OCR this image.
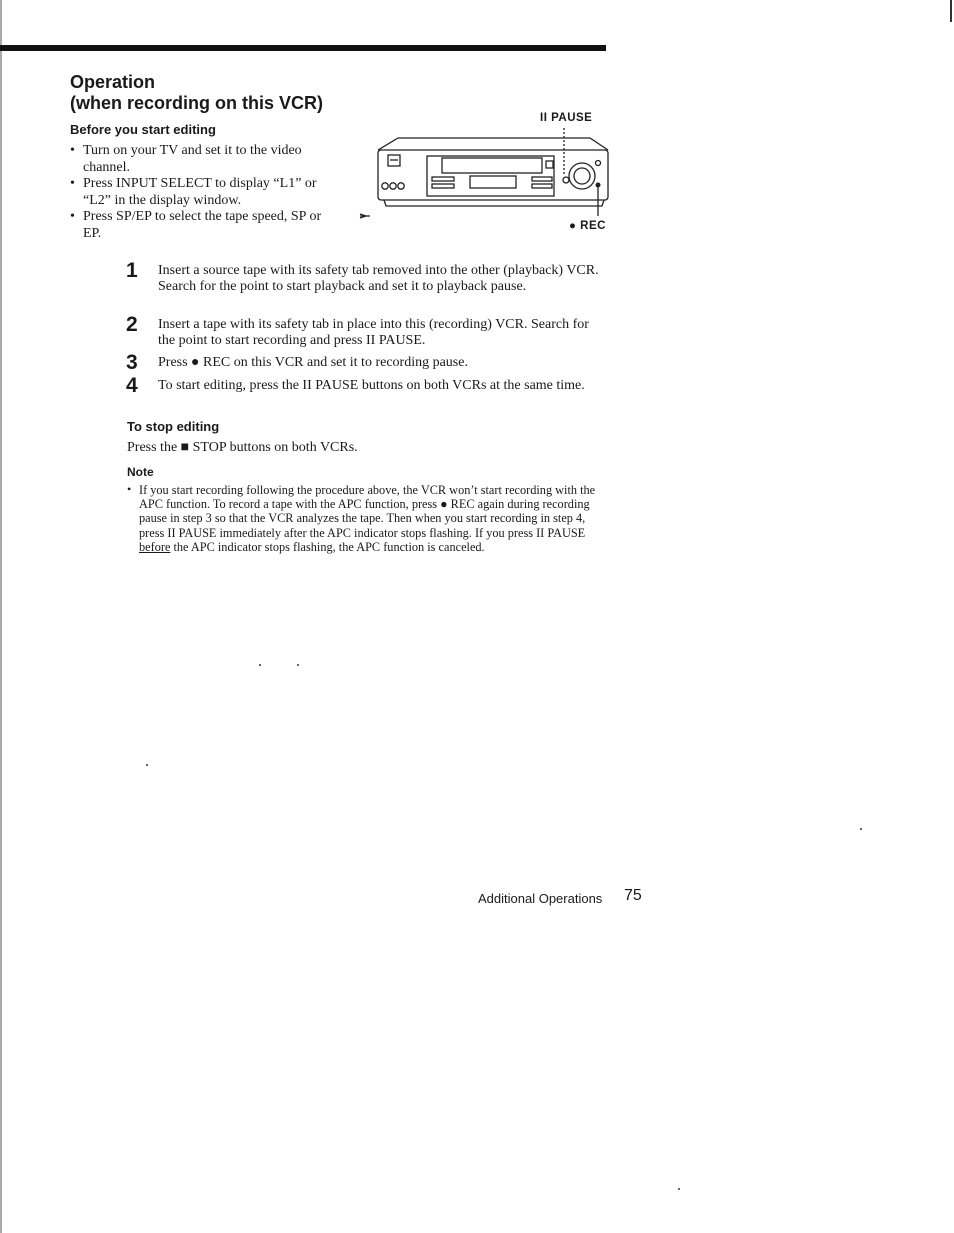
Operation
(when recording on this VCR)
Before you start editing
• Turn on your TV and set it to the video channel.
• Press INPUT SELECT to display “L1” or “L2” in the display window.
• Press SP/EP to select the tape speed, SP or EP.
II PAUSE
● REC
1 Insert a source tape with its safety tab removed into the other (playback) VCR. Search for the point to start playback and set it to playback pause.
2 Insert a tape with its safety tab in place into this (recording) VCR. Search for the point to start recording and press II PAUSE.
3 Press ● REC on this VCR and set it to recording pause.
4 To start editing, press the II PAUSE buttons on both VCRs at the same time.
To stop editing
Press the ■ STOP buttons on both VCRs.
Note
• If you start recording following the procedure above, the VCR won’t start recording with the APC function. To record a tape with the APC function, press ● REC again during recording pause in step 3 so that the VCR analyzes the tape. Then when you start recording in step 4, press II PAUSE immediately after the APC indicator stops flashing. If you press II PAUSE before the APC indicator stops flashing, the APC function is canceled.
Additional Operations 75
